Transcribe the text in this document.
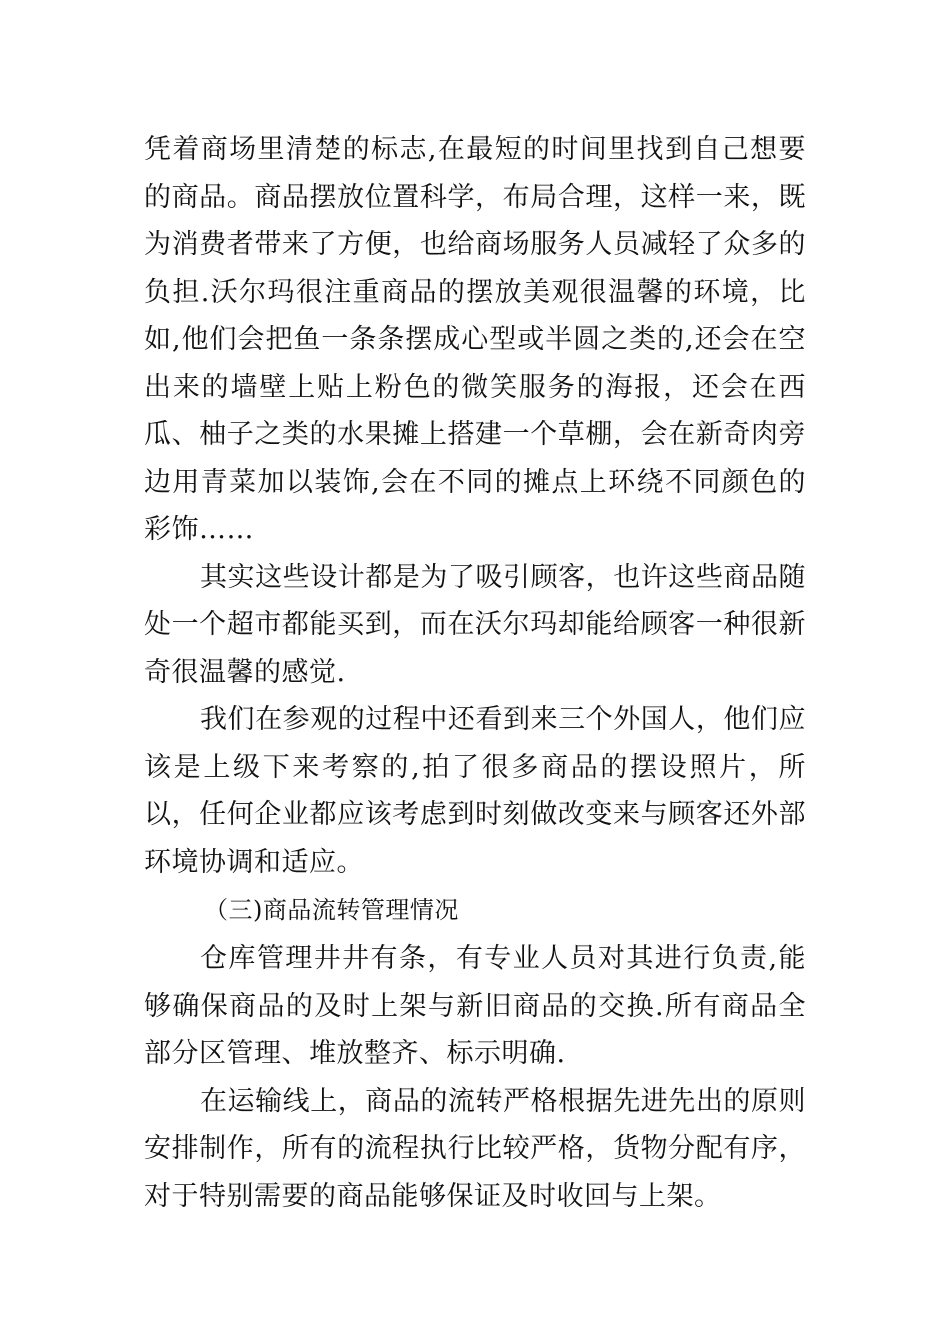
凭着商场里清楚的标志,在最短的时间里找到自己想要的商品。商品摆放位置科学，布局合理，这样一来，既为消费者带来了方便，也给商场服务人员减轻了众多的负担.沃尔玛很注重商品的摆放美观很温馨的环境，比如,他们会把鱼一条条摆成心型或半圆之类的,还会在空出来的墙壁上贴上粉色的微笑服务的海报，还会在西瓜、柚子之类的水果摊上搭建一个草棚，会在新奇肉旁边用青菜加以装饰,会在不同的摊点上环绕不同颜色的彩饰……

其实这些设计都是为了吸引顾客，也许这些商品随处一个超市都能买到，而在沃尔玛却能给顾客一种很新奇很温馨的感觉.

我们在参观的过程中还看到来三个外国人，他们应该是上级下来考察的,拍了很多商品的摆设照片，所以，任何企业都应该考虑到时刻做改变来与顾客还外部环境协调和适应。

（三)商品流转管理情况

仓库管理井井有条，有专业人员对其进行负责,能够确保商品的及时上架与新旧商品的交换.所有商品全部分区管理、堆放整齐、标示明确.

在运输线上，商品的流转严格根据先进先出的原则安排制作，所有的流程执行比较严格，货物分配有序，对于特别需要的商品能够保证及时收回与上架。
